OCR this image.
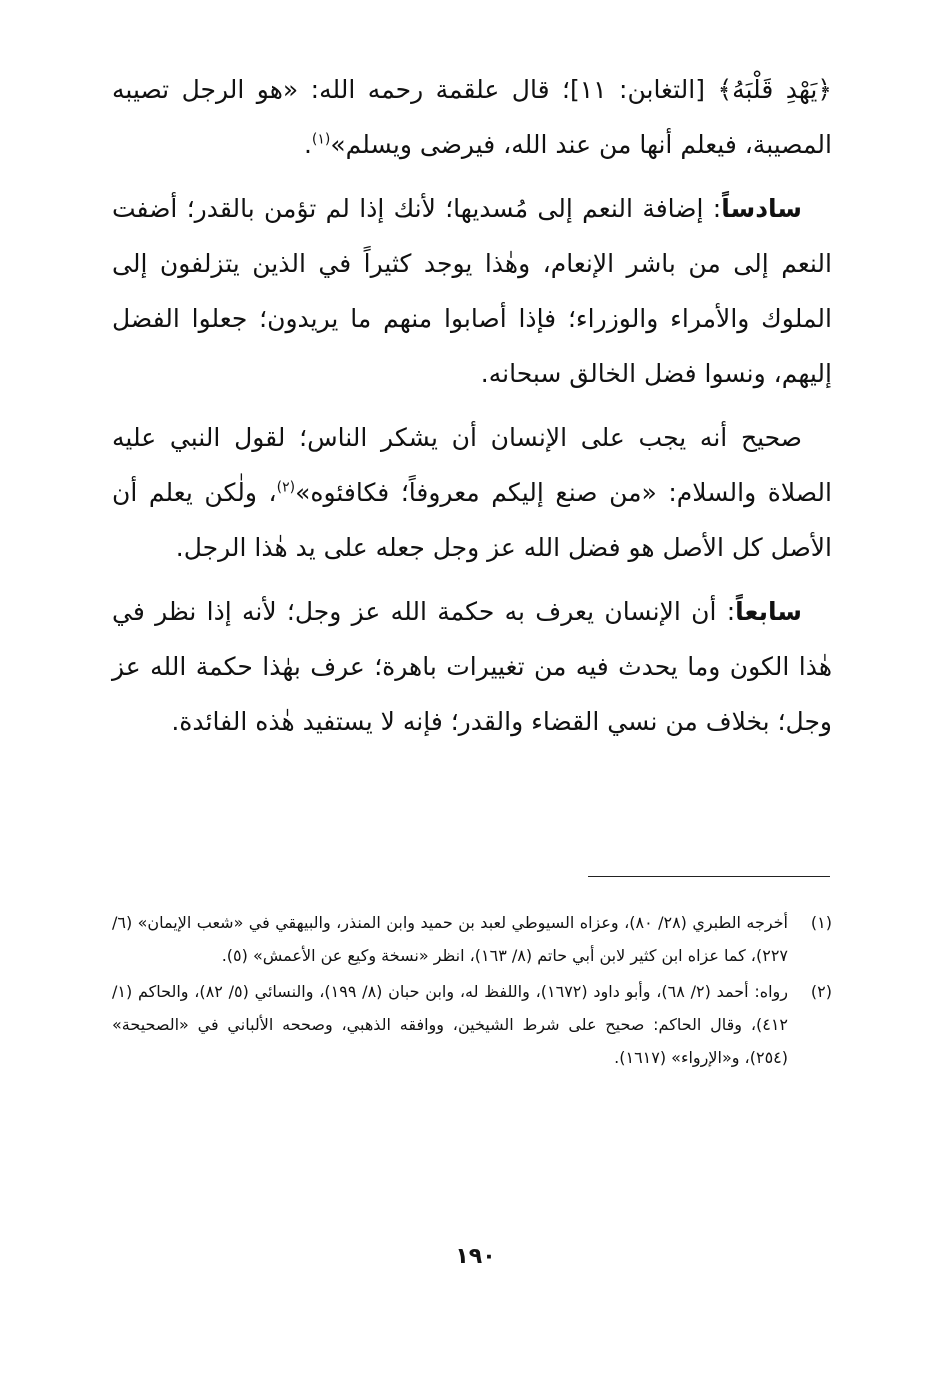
﴿يَهْدِ قَلْبَهُ﴾ [التغابن: ١١]؛ قال علقمة رحمه الله: «هو الرجل تصيبه المصيبة، فيعلم أنها من عند الله، فيرضى ويسلم»$^{(١)}$.

سادساً: إضافة النعم إلى مُسديها؛ لأنك إذا لم تؤمن بالقدر؛ أضفت النعم إلى من باشر الإنعام، وهٰذا يوجد كثيراً في الذين يتزلفون إلى الملوك والأمراء والوزراء؛ فإذا أصابوا منهم ما يريدون؛ جعلوا الفضل إليهم، ونسوا فضل الخالق سبحانه.

صحيح أنه يجب على الإنسان أن يشكر الناس؛ لقول النبي عليه الصلاة والسلام: «من صنع إليكم معروفاً؛ فكافئوه»$^{(٢)}$، ولٰكن يعلم أن الأصل كل الأصل هو فضل الله عز وجل جعله على يد هٰذا الرجل.

سابعاً: أن الإنسان يعرف به حكمة الله عز وجل؛ لأنه إذا نظر في هٰذا الكون وما يحدث فيه من تغييرات باهرة؛ عرف بهٰذا حكمة الله عز وجل؛ بخلاف من نسي القضاء والقدر؛ فإنه لا يستفيد هٰذه الفائدة.

(١)
أخرجه الطبري (٢٨/ ٨٠)، وعزاه السيوطي لعبد بن حميد وابن المنذر، والبيهقي في «شعب الإيمان» (٦/ ٢٢٧)، كما عزاه ابن كثير لابن أبي حاتم (٨/ ١٦٣)، انظر «نسخة وكيع عن الأعمش» (٥).
(٢)
رواه: أحمد (٢/ ٦٨)، وأبو داود (١٦٧٢)، واللفظ له، وابن حبان (٨/ ١٩٩)، والنسائي (٥/ ٨٢)، والحاكم (١/ ٤١٢)، وقال الحاكم: صحيح على شرط الشيخين، ووافقه الذهبي، وصححه الألباني في «الصحيحة» (٢٥٤)، و«الإرواء» (١٦١٧).
١٩٠
